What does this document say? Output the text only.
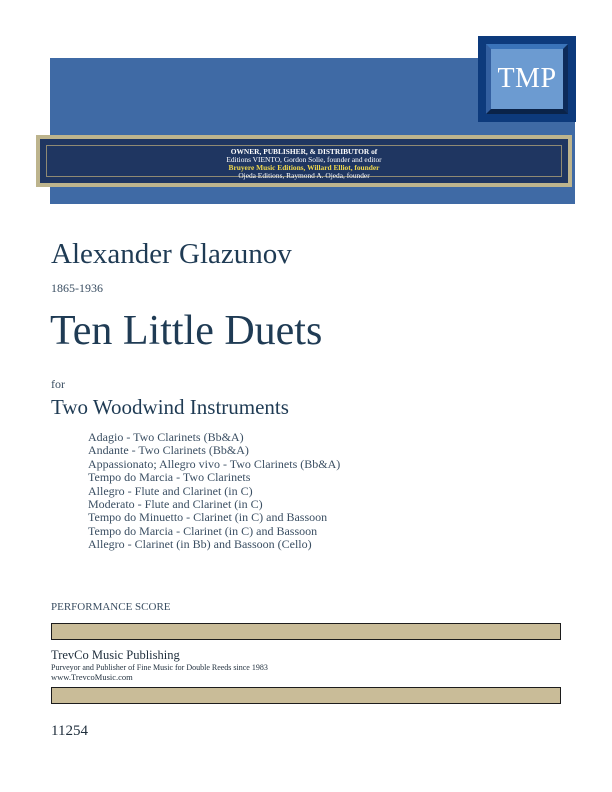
OWNER, PUBLISHER, & DISTRIBUTOR of
Editions VIENTO, Gordon Solie, founder and editor
Bruyere Music Editions, Willard Elliot, founder
Ojeda Editions, Raymond A. Ojeda, founder
TMP
Alexander Glazunov
1865-1936
Ten Little Duets
for
Two Woodwind Instruments
Adagio - Two Clarinets (Bb&A)
Andante - Two Clarinets (Bb&A)
Appassionato; Allegro vivo - Two Clarinets (Bb&A)
Tempo do Marcia - Two Clarinets
Allegro - Flute and Clarinet (in C)
Moderato - Flute and Clarinet (in C)
Tempo do Minuetto - Clarinet (in C) and Bassoon
Tempo do Marcia - Clarinet (in C) and Bassoon
Allegro - Clarinet (in Bb) and Bassoon (Cello)
PERFORMANCE SCORE
TrevCo Music Publishing
Purveyor and Publisher of Fine Music for Double Reeds since 1983
www.TrevcoMusic.com
11254
